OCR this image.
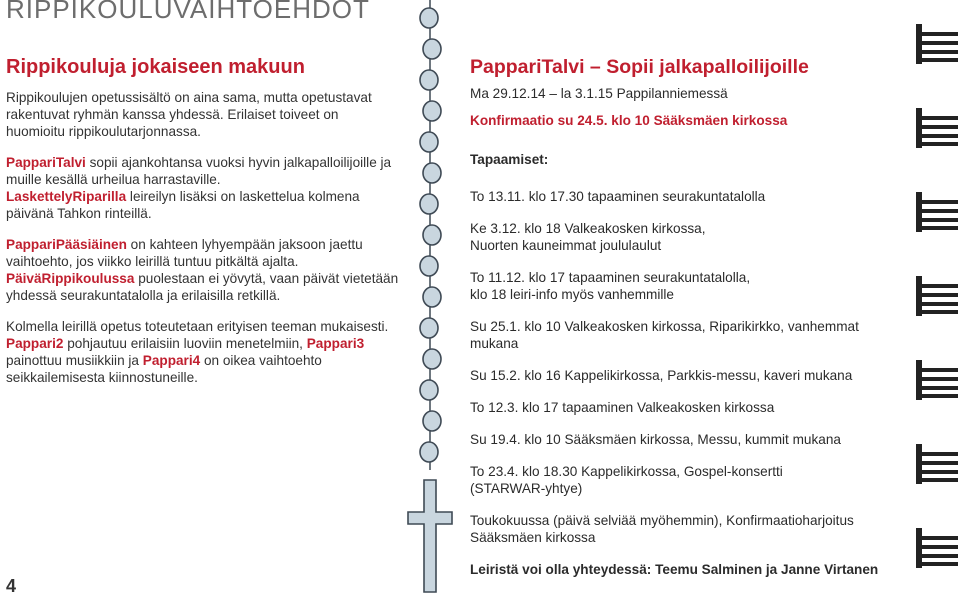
RIPPIKOULUVAIHTOEHDOT
Rippikouluja jokaiseen makuun

Rippikoulujen opetussisältö on aina sama, mutta opetustavat rakentuvat ryhmän kanssa yhdessä. Erilaiset toiveet on huomioitu rippikoulutarjonnassa.

PappariTalvi sopii ajankohtansa vuoksi hyvin jalkapalloilijoille ja muille kesällä urheilua harrastaville.
LaskettelуRiparilla leireilyn lisäksi on laskettelua kolmena päivänä Tahkon rinteillä.

PappariPääsiäinen on kahteen lyhyempään jaksoon jaettu vaihtoehto, jos viikko leirillä tuntuu pitkältä ajalta.
PäiväRippikoulussa puolestaan ei yövytä, vaan päivät vietetään yhdessä seurakuntatalolla ja erilaisilla retkillä.

Kolmella leirillä opetus toteutetaan erityisen teeman mukaisesti. Pappari2 pohjautuu erilaisiin luoviin menetelmiin, Pappari3 painottuu musiikkiin ja Pappari4 on oikea vaihtoehto seikkailemisesta kiinnostuneille.

PappariTalvi – Sopii jalkapalloilijoille

Ma 29.12.14 – la 3.1.15 Pappilanniemessä

Konfirmaatio su 24.5. klo 10 Sääksmäen kirkossa

Tapaamiset:

To 13.11. klo 17.30 tapaaminen seurakuntatalolla

Ke 3.12. klo 18 Valkeakosken kirkossa,
Nuorten kauneimmat joululaulut

To 11.12. klo 17 tapaaminen seurakuntatalolla,
klo 18 leiri-info myös vanhemmille

Su 25.1. klo 10 Valkeakosken kirkossa, Riparikirkko, vanhemmat mukana

Su 15.2. klo 16 Kappelikirkossa, Parkkis-messu, kaveri mukana

To 12.3. klo 17 tapaaminen Valkeakosken kirkossa

Su 19.4. klo 10 Sääksmäen kirkossa, Messu, kummit mukana

To 23.4. klo 18.30 Kappelikirkossa, Gospel-konsertti
(STARWAR-yhtye)

Toukokuussa (päivä selviää myöhemmin), Konfirmaatioharjoitus Sääksmäen kirkossa

Leiristä voi olla yhteydessä: Teemu Salminen ja Janne Virtanen

4
